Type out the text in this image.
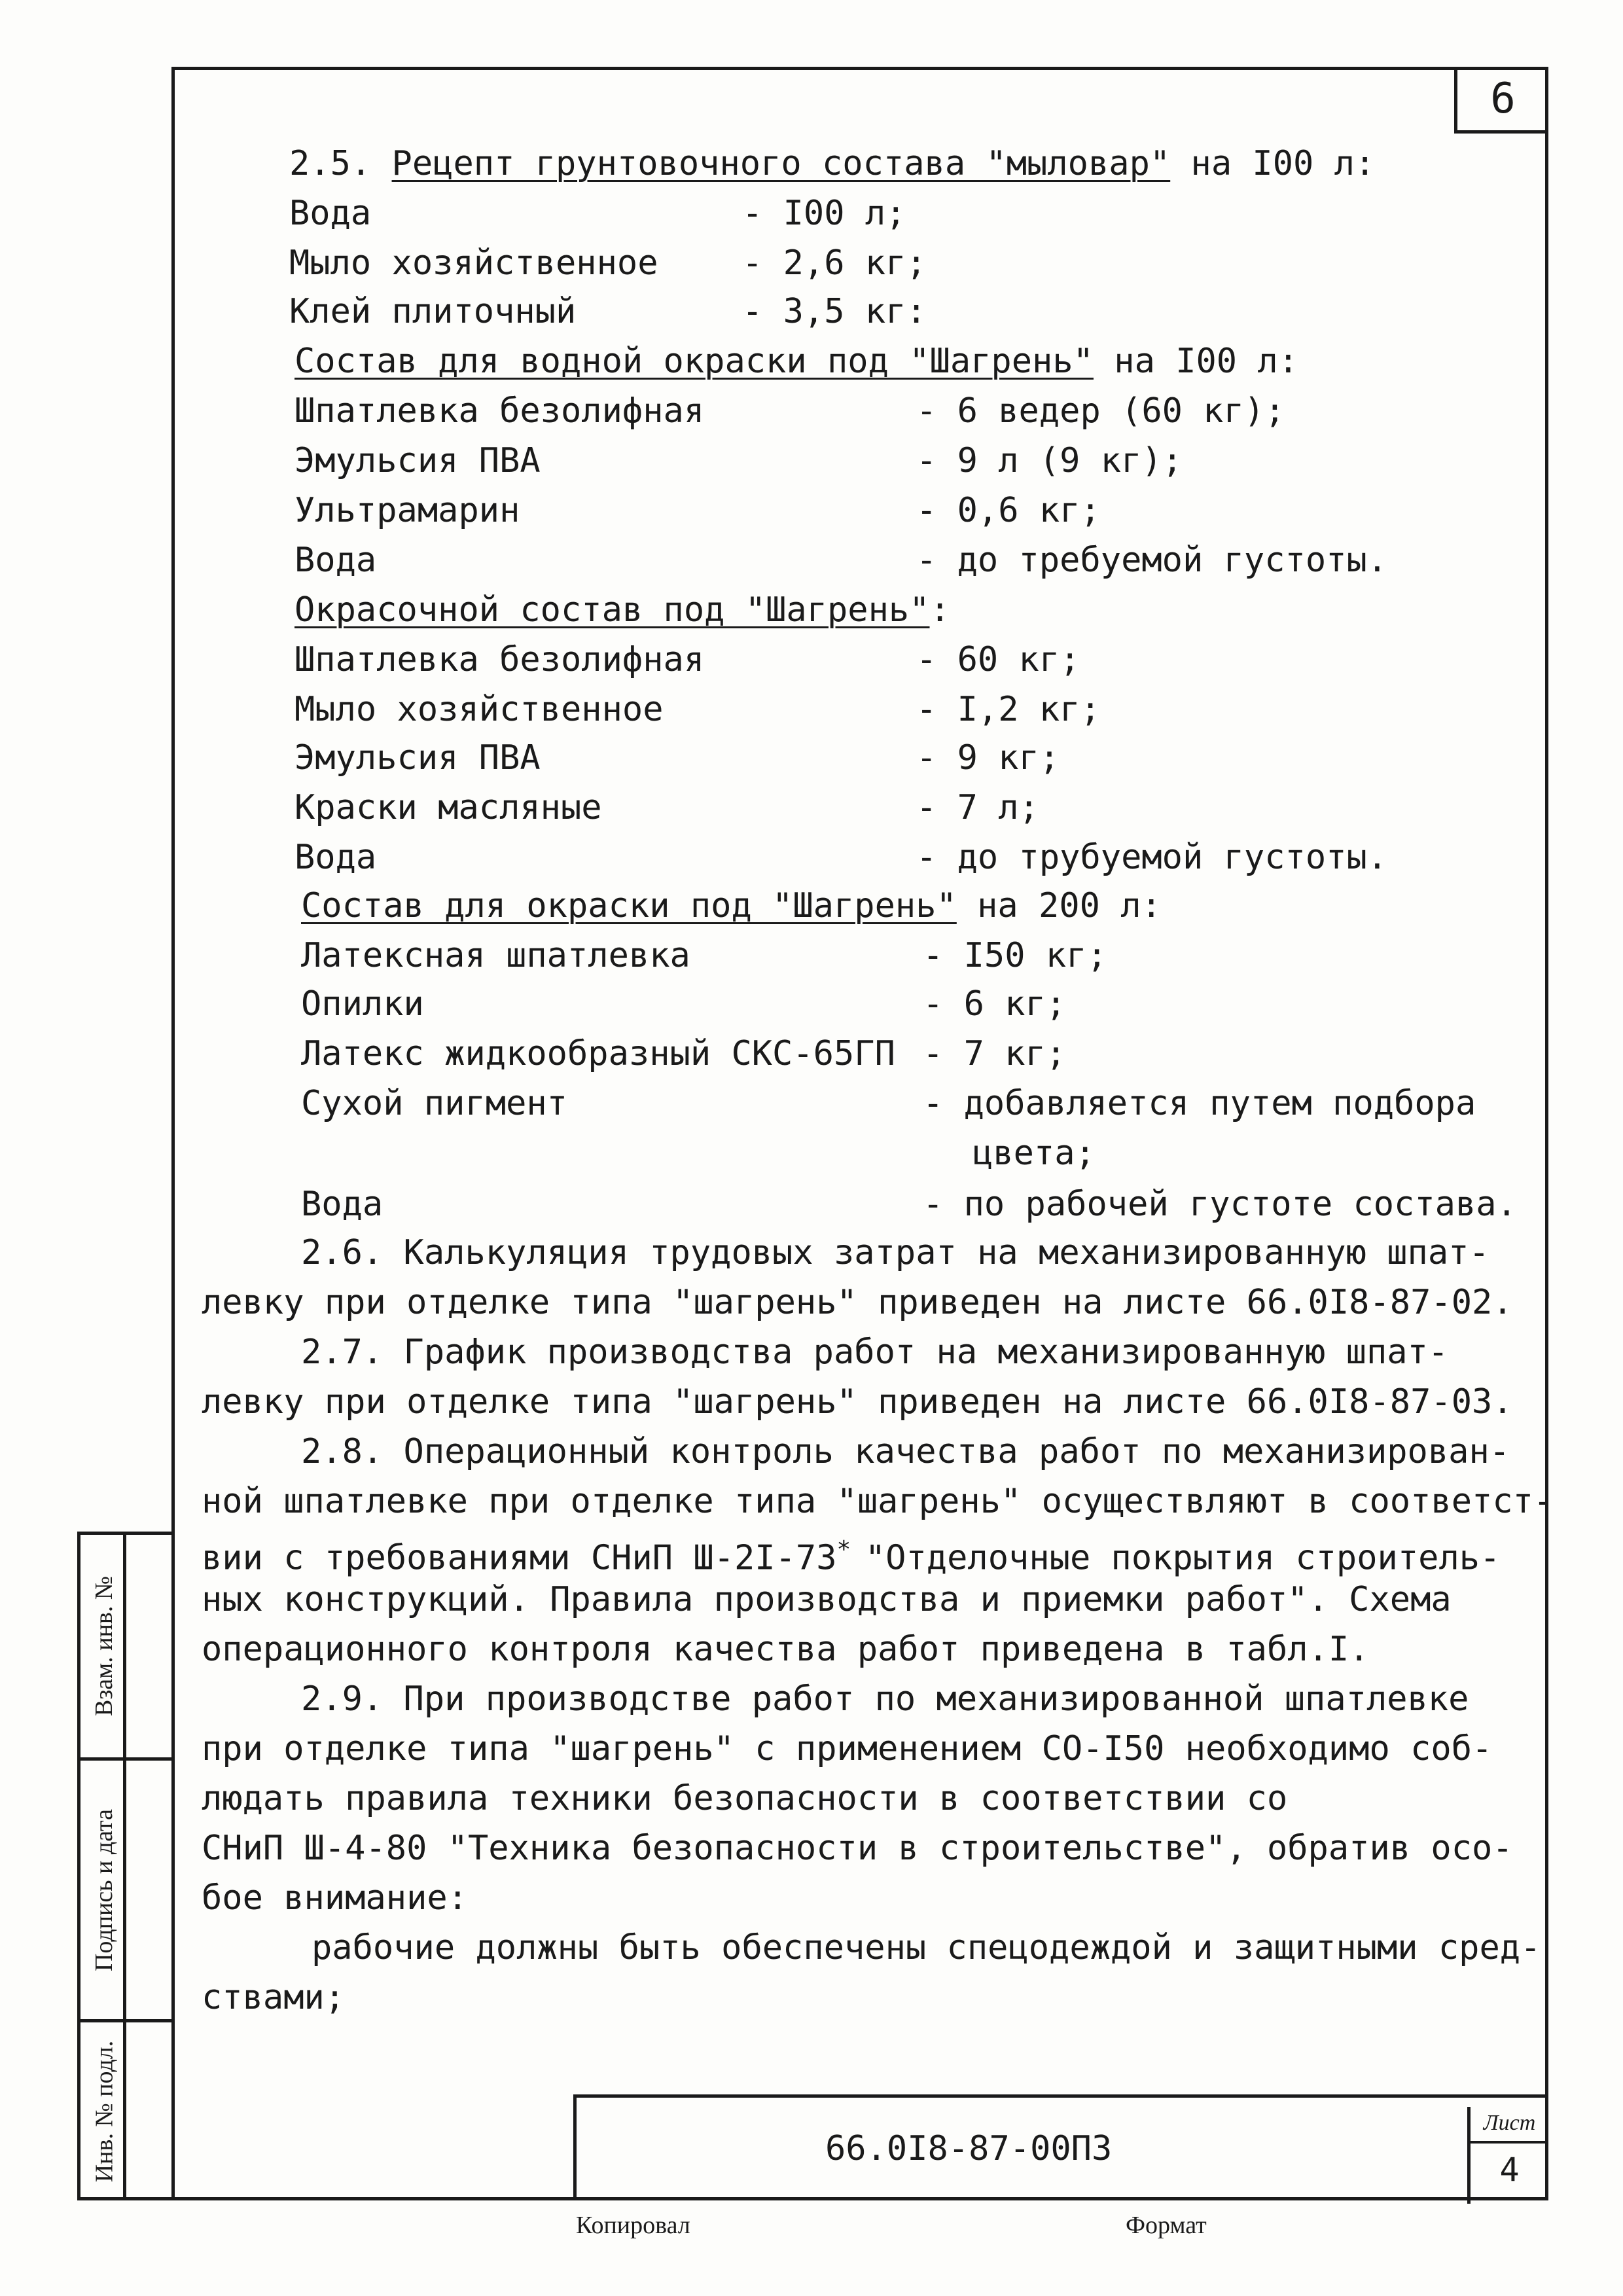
6
Взам. инв. №
Подпись и дата
Инв. № подл.	66.0I8-87-00ПЗ
Лист
4
Копировал	Формат
2.5. Рецепт грунтовочного состава "мыловар" на I00 л:
Вода	- I00 л;
Мыло хозяйственное - 2,6 кг;
Клей плиточный	- 3,5 кг:
Состав для водной окраски под "Шагрень" на I00 л:
Шпатлевка безолифная	- 6 ведер (60 кг);
Эмульсия ПВА	- 9 л (9 кг);
Ультрамарин	- 0,6 кг;
Вода	- до требуемой густоты.
Окрасочной состав под "Шагрень":
Шпатлевка безолифная	- 60 кг;
Мыло хозяйственное	- I,2 кг;
Эмульсия ПВА	- 9 кг;
Краски масляные	- 7 л;
Вода	- до трубуемой густоты.
Состав для окраски под "Шагрень" на 200 л:
Латексная шпатлевка	- I50 кг;
Опилки	- 6 кг;
Латекс жидкообразный СКС-65ГП - 7 кг;
Сухой пигмент	- добавляется путем подбора
цвета;
Вода	- по рабочей густоте состава.
2.6. Калькуляция трудовых затрат на механизированную шпат-
левку при отделке типа "шагрень" приведен на листе 66.0I8-87-02.
2.7. График производства работ на механизированную шпат-
левку при отделке типа "шагрень" приведен на листе 66.0I8-87-03.
2.8. Операционный контроль качества работ по механизирован-
ной шпатлевке при отделке типа "шагрень" осуществляют в соответст-
вии с требованиями СНиП Ш-2I-73* "Отделочные покрытия строитель-
ных конструкций. Правила производства и приемки работ". Схема
операционного контроля качества работ приведена в табл.I.
2.9. При производстве работ по механизированной шпатлевке
при отделке типа "шагрень" с применением СО-I50 необходимо соб-
людать правила техники безопасности в соответствии со
СНиП Ш-4-80 "Техника безопасности в строительстве", обратив осо-
бое внимание:
рабочие должны быть обеспечены спецодеждой и защитными сред-
ствами;
